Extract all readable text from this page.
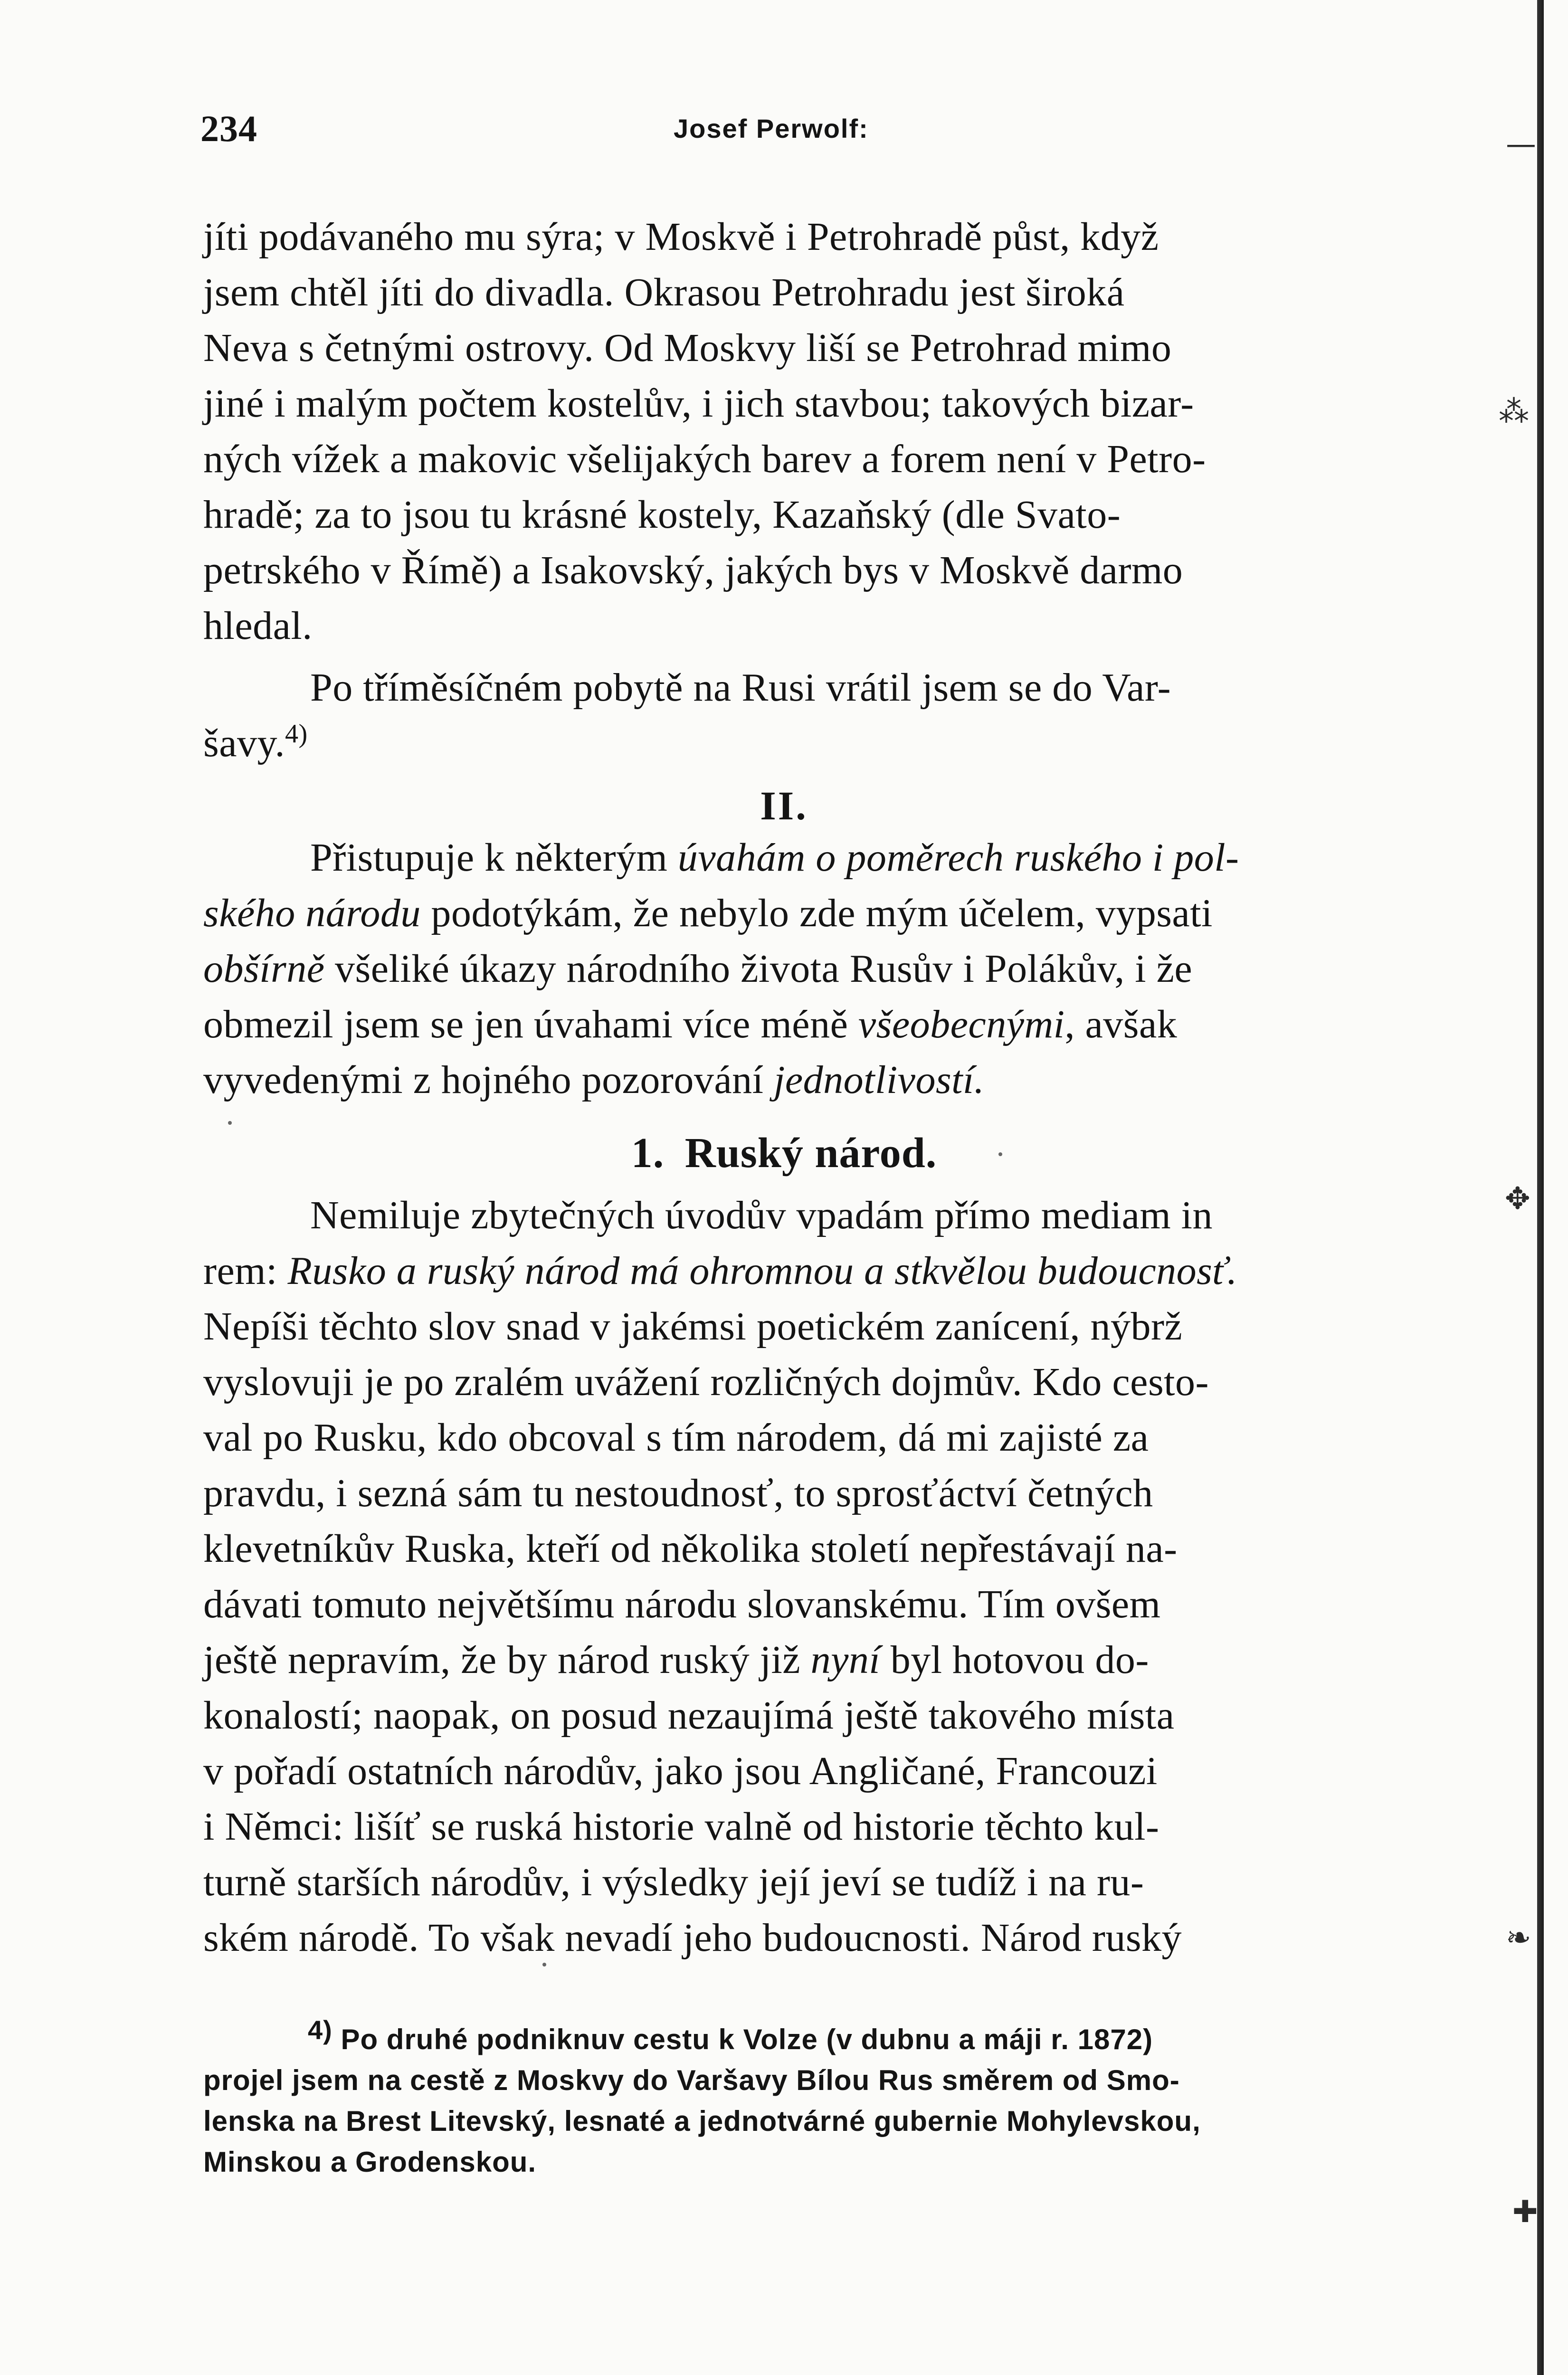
—
⁂
✥
❧
✚
234	Josef Perwolf:
jíti podávaného mu sýra; v Moskvě i Petrohradě půst, když
jsem chtěl jíti do divadla. Okrasou Petrohradu jest široká
Neva s četnými ostrovy. Od Moskvy liší se Petrohrad mimo
jiné i malým počtem kostelův, i jich stavbou; takových bizar-
ných vížek a makovic všelijakých barev a forem není v Petro-
hradě; za to jsou tu krásné kostely, Kazaňský (dle Svato-
petrského v Římě) a Isakovský, jakých bys v Moskvě darmo
hledal.
Po tříměsíčném pobytě na Rusi vrátil jsem se do Var-
šavy.$^{4)}$
II.
Přistupuje k některým úvahám o poměrech ruského i pol-
ského národu podotýkám, že nebylo zde mým účelem, vypsati
obšírně všeliké úkazy národního života Rusův i Polákův, i že
obmezil jsem se jen úvahami více méně všeobecnými, avšak
vyvedenými z hojného pozorování jednotlivostí.
1. Ruský národ.
Nemiluje zbytečných úvodův vpadám přímo mediam in
rem: Rusko a ruský národ má ohromnou a stkvělou budoucnosť.
Nepíši těchto slov snad v jakémsi poetickém zanícení, nýbrž
vyslovuji je po zralém uvážení rozličných dojmův. Kdo cesto-
val po Rusku, kdo obcoval s tím národem, dá mi zajisté za
pravdu, i sezná sám tu nestoudnosť, to sprosťáctví četných
klevetníkův Ruska, kteří od několika století nepřestávají na-
dávati tomuto největšímu národu slovanskému. Tím ovšem
ještě nepravím, že by národ ruský již nyní byl hotovou do-
konalostí; naopak, on posud nezaujímá ještě takového místa
v pořadí ostatních národův, jako jsou Angličané, Francouzi
i Němci: lišíť se ruská historie valně od historie těchto kul-
turně starších národův, i výsledky její jeví se tudíž i na ru-
ském národě. To však nevadí jeho budoucnosti. Národ ruský
4) Po druhé podniknuv cestu k Volze (v dubnu a máji r. 1872)
projel jsem na cestě z Moskvy do Varšavy Bílou Rus směrem od Smo-
lenska na Brest Litevský, lesnaté a jednotvárné gubernie Mohylevskou,
Minskou a Grodenskou.
